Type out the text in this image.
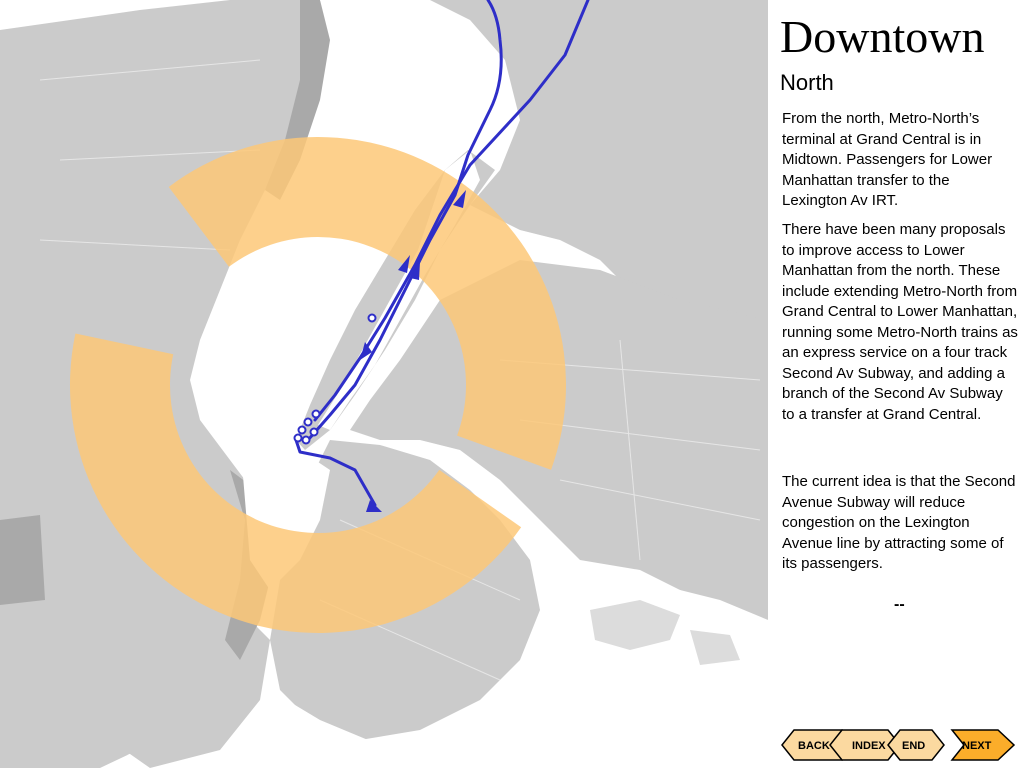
Downtown
North
From the north, Metro-North’s terminal at Grand Central is in Midtown. Passengers for Lower Manhattan transfer to the Lexington Av IRT.
There have been many proposals to improve access to Lower Manhattan from the north. These include extending Metro-North from Grand Central to Lower Manhattan, running some Metro-North trains as an express service on a four track Second Av Subway, and adding a branch of the Second Av Subway to a transfer at Grand Central.
The current idea is that the Second Avenue Subway will reduce congestion on the Lexington Avenue line by attracting some of its passengers.
--
BACK INDEX END	NEXT
